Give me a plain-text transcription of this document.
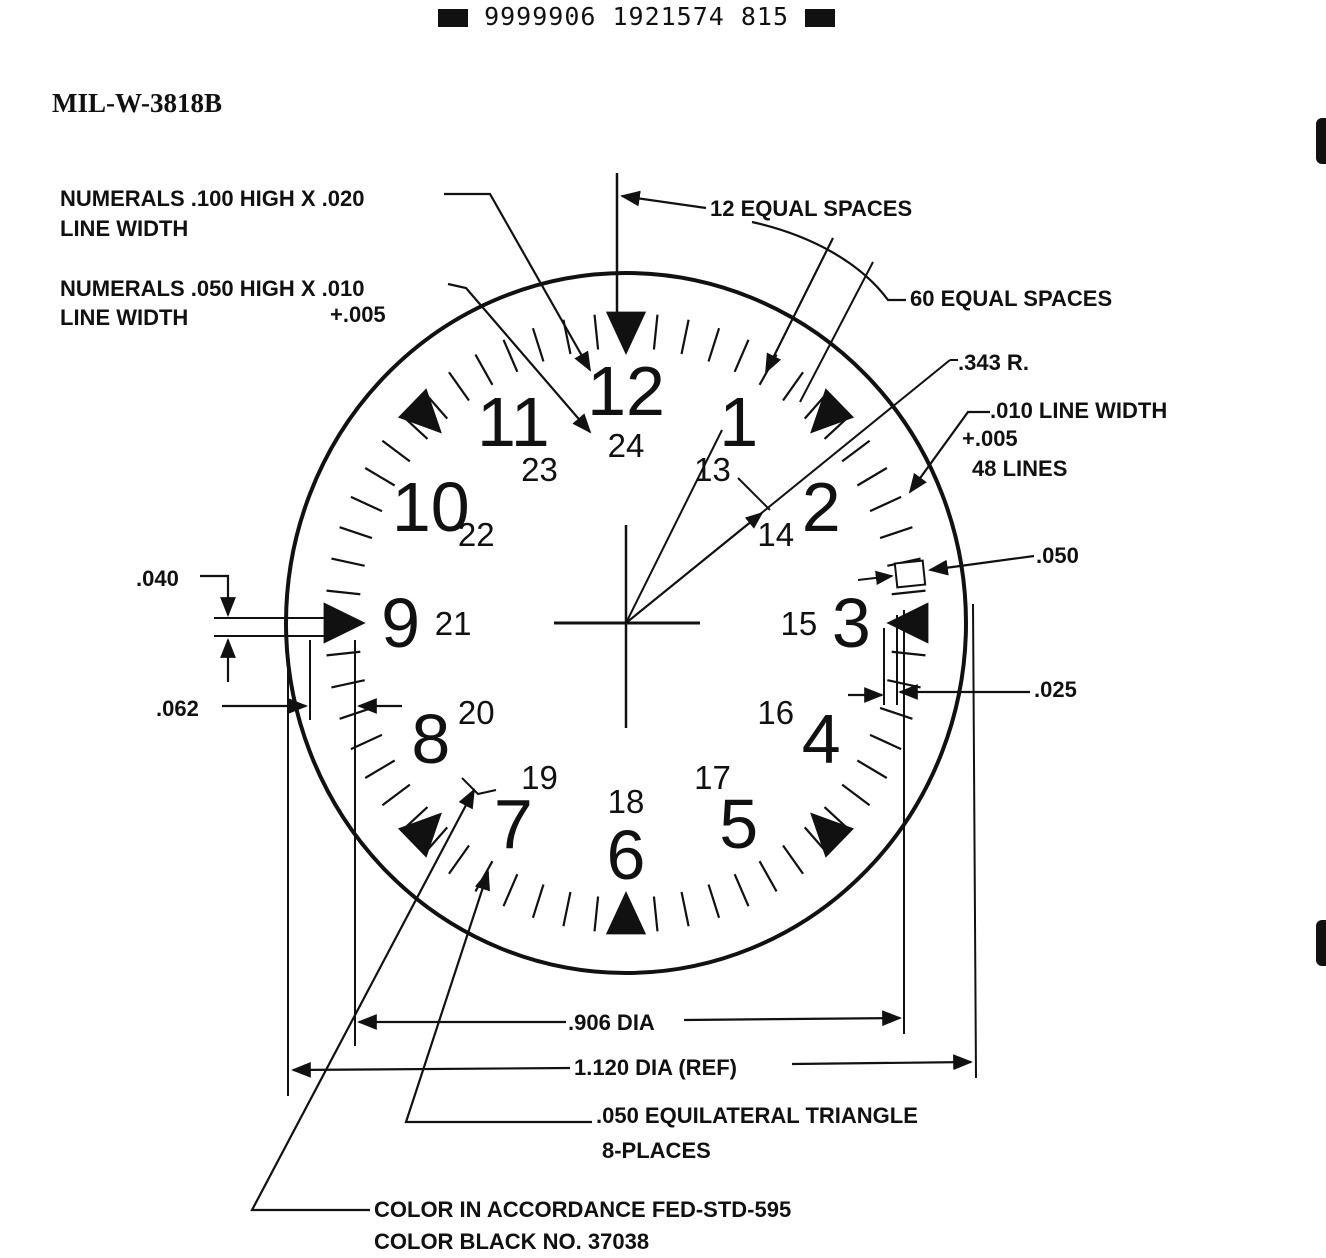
9999906 1921574 815
MIL-W-3818B
12 1
2
3
4
5
6
7
8
9
10
11 24
13
14
15
16
17
18
19
20
21
22
23
NUMERALS .100 HIGH X .020
LINE WIDTH
NUMERALS .050 HIGH X .010
LINE WIDTH	+.005
12 EQUAL SPACES
60 EQUAL SPACES
.343 R.
.010 LINE WIDTH
+.005
48 LINES
.050
.025
.040
.062
.906 DIA
1.120 DIA (REF)
.050 EQUILATERAL TRIANGLE
8-PLACES
COLOR IN ACCORDANCE FED-STD-595
COLOR BLACK NO. 37038
